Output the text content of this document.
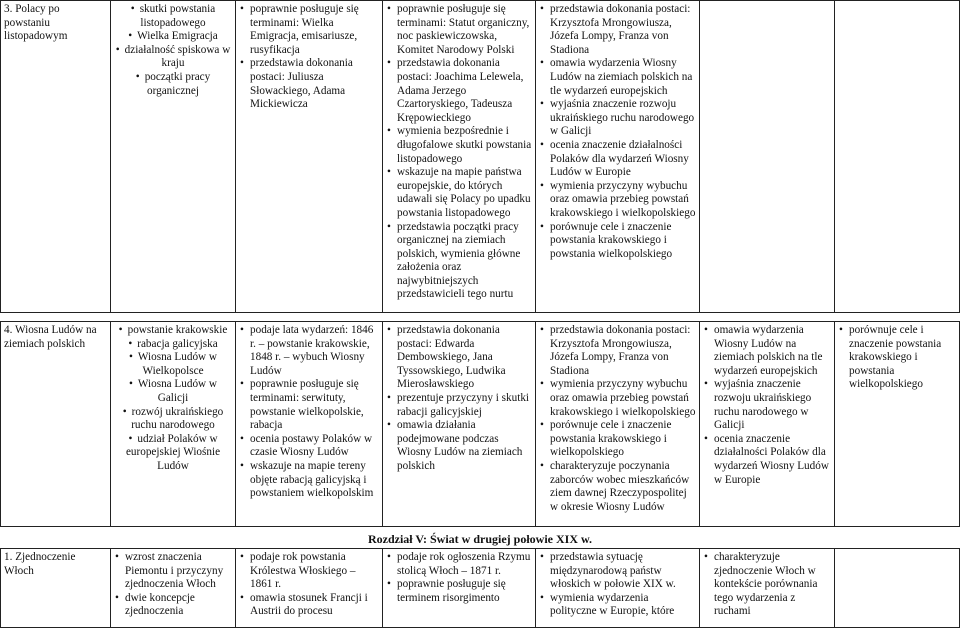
3. Polacy po powstaniu listopadowym
• skutki powstania listopadowego
• Wielka Emigracja
• działalność spiskowa w kraju
• początki pracy organicznej
• poprawnie posługuje się terminami: Wielka Emigracja, emisariusze, rusyfikacja
• przedstawia dokonania postaci: Juliusza Słowackiego, Adama Mickiewicza
• poprawnie posługuje się terminami: Statut organiczny, noc paskiewiczowska, Komitet Narodowy Polski
• przedstawia dokonania postaci: Joachima Lelewela, Adama Jerzego Czartoryskiego, Tadeusza Krępowieckiego
• wymienia bezpośrednie i długofalowe skutki powstania listopadowego
• wskazuje na mapie państwa europejskie, do których udawali się Polacy po upadku powstania listopadowego
• przedstawia początki pracy organicznej na ziemiach polskich, wymienia główne założenia oraz najwybitniejszych przedstawicieli tego nurtu
• przedstawia dokonania postaci: Krzysztofa Mrongowiusza, Józefa Lompy, Franza von Stadiona
• omawia wydarzenia Wiosny Ludów na ziemiach polskich na tle wydarzeń europejskich
• wyjaśnia znaczenie rozwoju ukraińskiego ruchu narodowego w Galicji
• ocenia znaczenie działalności Polaków dla wydarzeń Wiosny Ludów w Europie
• wymienia przyczyny wybuchu oraz omawia przebieg powstań krakowskiego i wielkopolskiego
• porównuje cele i znaczenie powstania krakowskiego i powstania wielkopolskiego
4. Wiosna Ludów na ziemiach polskich
• powstanie krakowskie
• rabacja galicyjska
• Wiosna Ludów w Wielkopolsce
• Wiosna Ludów w Galicji
• rozwój ukraińskiego ruchu narodowego
• udział Polaków w europejskiej Wiośnie Ludów
• podaje lata wydarzeń: 1846 r. – powstanie krakowskie, 1848 r. – wybuch Wiosny Ludów
• poprawnie posługuje się terminami: serwituty, powstanie wielkopolskie, rabacja
• ocenia postawy Polaków w czasie Wiosny Ludów
• wskazuje na mapie tereny objęte rabacją galicyjską i powstaniem wielkopolskim
• przedstawia dokonania postaci: Edwarda Dembowskiego, Jana Tyssowskiego, Ludwika Mierosławskiego
• prezentuje przyczyny i skutki rabacji galicyjskiej
• omawia działania podejmowane podczas Wiosny Ludów na ziemiach polskich
• przedstawia dokonania postaci: Krzysztofa Mrongowiusza, Józefa Lompy, Franza von Stadiona
• wymienia przyczyny wybuchu oraz omawia przebieg powstań krakowskiego i wielkopolskiego
• porównuje cele i znaczenie powstania krakowskiego i wielkopolskiego
• charakteryzuje poczynania zaborców wobec mieszkańców ziem dawnej Rzeczypospolitej w okresie Wiosny Ludów
• omawia wydarzenia Wiosny Ludów na ziemiach polskich na tle wydarzeń europejskich
• wyjaśnia znaczenie rozwoju ukraińskiego ruchu narodowego w Galicji
• ocenia znaczenie działalności Polaków dla wydarzeń Wiosny Ludów w Europie
• porównuje cele i znaczenie powstania krakowskiego i powstania wielkopolskiego
Rozdział V: Świat w drugiej połowie XIX w.
1. Zjednoczenie Włoch
• wzrost znaczenia Piemontu i przyczyny zjednoczenia Włoch
• dwie koncepcje zjednoczenia
• podaje rok powstania Królestwa Włoskiego – 1861 r.
• omawia stosunek Francji i Austrii do procesu
• podaje rok ogłoszenia Rzymu stolicą Włoch – 1871 r.
• poprawnie posługuje się terminem risorgimento
• przedstawia sytuację międzynarodową państw włoskich w połowie XIX w.
• wymienia wydarzenia polityczne w Europie, które
• charakteryzuje zjednoczenie Włoch w kontekście porównania tego wydarzenia z ruchami
